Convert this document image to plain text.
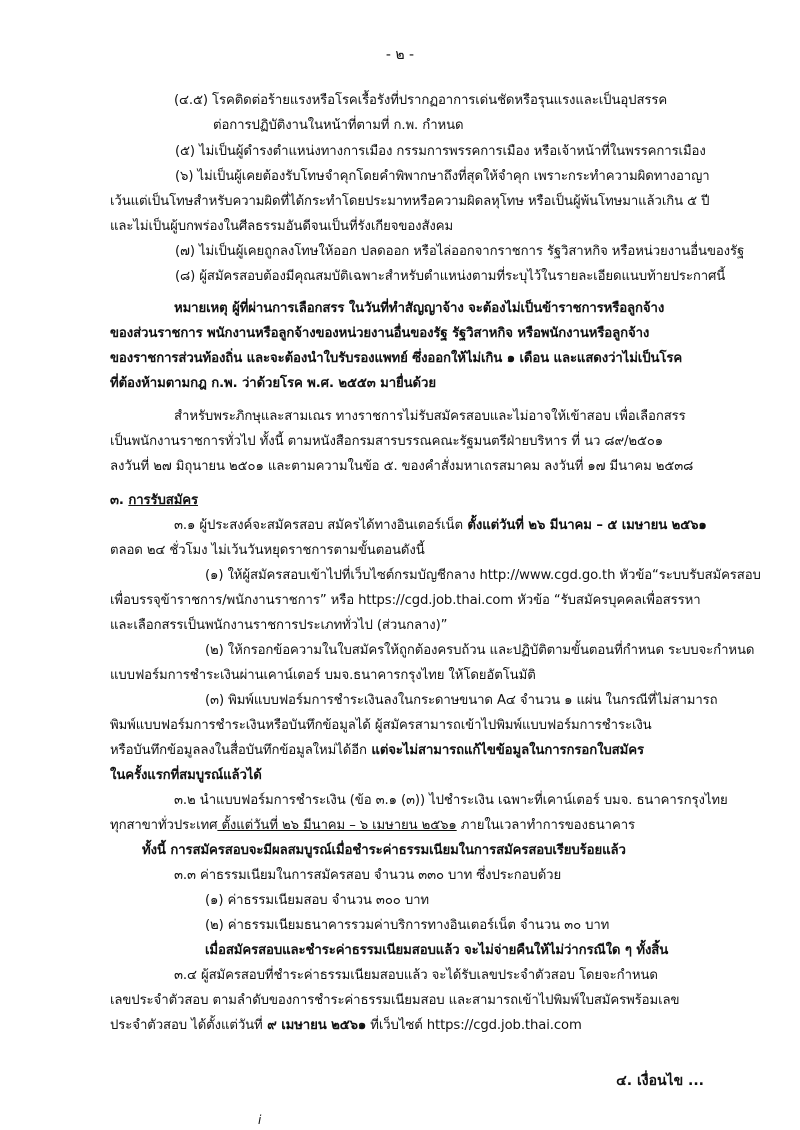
- ๒ -
(๔.๕) โรคติดต่อร้ายแรงหรือโรคเรื้อรังที่ปรากฏอาการเด่นชัดหรือรุนแรงและเป็นอุปสรรค
ต่อการปฏิบัติงานในหน้าที่ตามที่ ก.พ. กำหนด
(๕) ไม่เป็นผู้ดำรงตำแหน่งทางการเมือง กรรมการพรรคการเมือง หรือเจ้าหน้าที่ในพรรคการเมือง
(๖) ไม่เป็นผู้เคยต้องรับโทษจำคุกโดยคำพิพากษาถึงที่สุดให้จำคุก เพราะกระทำความผิดทางอาญา
เว้นแต่เป็นโทษสำหรับความผิดที่ได้กระทำโดยประมาทหรือความผิดลหุโทษ หรือเป็นผู้พ้นโทษมาแล้วเกิน ๕ ปี
และไม่เป็นผู้บกพร่องในศีลธรรมอันดีจนเป็นที่รังเกียจของสังคม
(๗) ไม่เป็นผู้เคยถูกลงโทษให้ออก ปลดออก หรือไล่ออกจากราชการ รัฐวิสาหกิจ หรือหน่วยงานอื่นของรัฐ
(๘) ผู้สมัครสอบต้องมีคุณสมบัติเฉพาะสำหรับตำแหน่งตามที่ระบุไว้ในรายละเอียดแนบท้ายประกาศนี้
หมายเหตุ ผู้ที่ผ่านการเลือกสรร ในวันที่ทำสัญญาจ้าง จะต้องไม่เป็นข้าราชการหรือลูกจ้าง
ของส่วนราชการ พนักงานหรือลูกจ้างของหน่วยงานอื่นของรัฐ รัฐวิสาหกิจ หรือพนักงานหรือลูกจ้าง
ของราชการส่วนท้องถิ่น และจะต้องนำใบรับรองแพทย์ ซึ่งออกให้ไม่เกิน ๑ เดือน และแสดงว่าไม่เป็นโรค
ที่ต้องห้ามตามกฎ ก.พ. ว่าด้วยโรค พ.ศ. ๒๕๕๓ มายื่นด้วย
สำหรับพระภิกษุและสามเณร ทางราชการไม่รับสมัครสอบและไม่อาจให้เข้าสอบ เพื่อเลือกสรร
เป็นพนักงานราชการทั่วไป ทั้งนี้ ตามหนังสือกรมสารบรรณคณะรัฐมนตรีฝ่ายบริหาร ที่ นว ๘๙/๒๕๐๑
ลงวันที่ ๒๗ มิถุนายน ๒๕๐๑ และตามความในข้อ ๕. ของคำสั่งมหาเถรสมาคม ลงวันที่ ๑๗ มีนาคม ๒๕๓๘
๓. การรับสมัคร
๓.๑ ผู้ประสงค์จะสมัครสอบ สมัครได้ทางอินเตอร์เน็ต ตั้งแต่วันที่ ๒๖ มีนาคม – ๕ เมษายน ๒๕๖๑
ตลอด ๒๔ ชั่วโมง ไม่เว้นวันหยุดราชการตามขั้นตอนดังนี้
(๑) ให้ผู้สมัครสอบเข้าไปที่เว็บไซต์กรมบัญชีกลาง http://www.cgd.go.th หัวข้อ“ระบบรับสมัครสอบ
เพื่อบรรจุข้าราชการ/พนักงานราชการ” หรือ https://cgd.job.thai.com หัวข้อ “รับสมัครบุคคลเพื่อสรรหา
และเลือกสรรเป็นพนักงานราชการประเภททั่วไป (ส่วนกลาง)”
(๒) ให้กรอกข้อความในใบสมัครให้ถูกต้องครบถ้วน และปฏิบัติตามขั้นตอนที่กำหนด ระบบจะกำหนด
แบบฟอร์มการชำระเงินผ่านเคาน์เตอร์ บมจ.ธนาคารกรุงไทย ให้โดยอัตโนมัติ
(๓) พิมพ์แบบฟอร์มการชำระเงินลงในกระดาษขนาด A๔ จำนวน ๑ แผ่น ในกรณีที่ไม่สามารถ
พิมพ์แบบฟอร์มการชำระเงินหรือบันทึกข้อมูลได้ ผู้สมัครสามารถเข้าไปพิมพ์แบบฟอร์มการชำระเงิน
หรือบันทึกข้อมูลลงในสื่อบันทึกข้อมูลใหม่ได้อีก แต่จะไม่สามารถแก้ไขข้อมูลในการกรอกใบสมัคร
ในครั้งแรกที่สมบูรณ์แล้วได้
๓.๒ นำแบบฟอร์มการชำระเงิน (ข้อ ๓.๑ (๓)) ไปชำระเงิน เฉพาะที่เคาน์เตอร์ บมจ. ธนาคารกรุงไทย
ทุกสาขาทั่วประเทศ ตั้งแต่วันที่ ๒๖ มีนาคม – ๖ เมษายน ๒๕๖๑ ภายในเวลาทำการของธนาคาร
ทั้งนี้ การสมัครสอบจะมีผลสมบูรณ์เมื่อชำระค่าธรรมเนียมในการสมัครสอบเรียบร้อยแล้ว
๓.๓ ค่าธรรมเนียมในการสมัครสอบ จำนวน ๓๓๐ บาท ซึ่งประกอบด้วย
(๑) ค่าธรรมเนียมสอบ จำนวน ๓๐๐ บาท
(๒) ค่าธรรมเนียมธนาคารรวมค่าบริการทางอินเตอร์เน็ต จำนวน ๓๐ บาท
เมื่อสมัครสอบและชำระค่าธรรมเนียมสอบแล้ว จะไม่จ่ายคืนให้ไม่ว่ากรณีใด ๆ ทั้งสิ้น
๓.๔ ผู้สมัครสอบที่ชำระค่าธรรมเนียมสอบแล้ว จะได้รับเลขประจำตัวสอบ โดยจะกำหนด
เลขประจำตัวสอบ ตามลำดับของการชำระค่าธรรมเนียมสอบ และสามารถเข้าไปพิมพ์ใบสมัครพร้อมเลข
ประจำตัวสอบ ได้ตั้งแต่วันที่ ๙ เมษายน ๒๕๖๑ ที่เว็บไซต์ https://cgd.job.thai.com
๔. เงื่อนไข ...
i
